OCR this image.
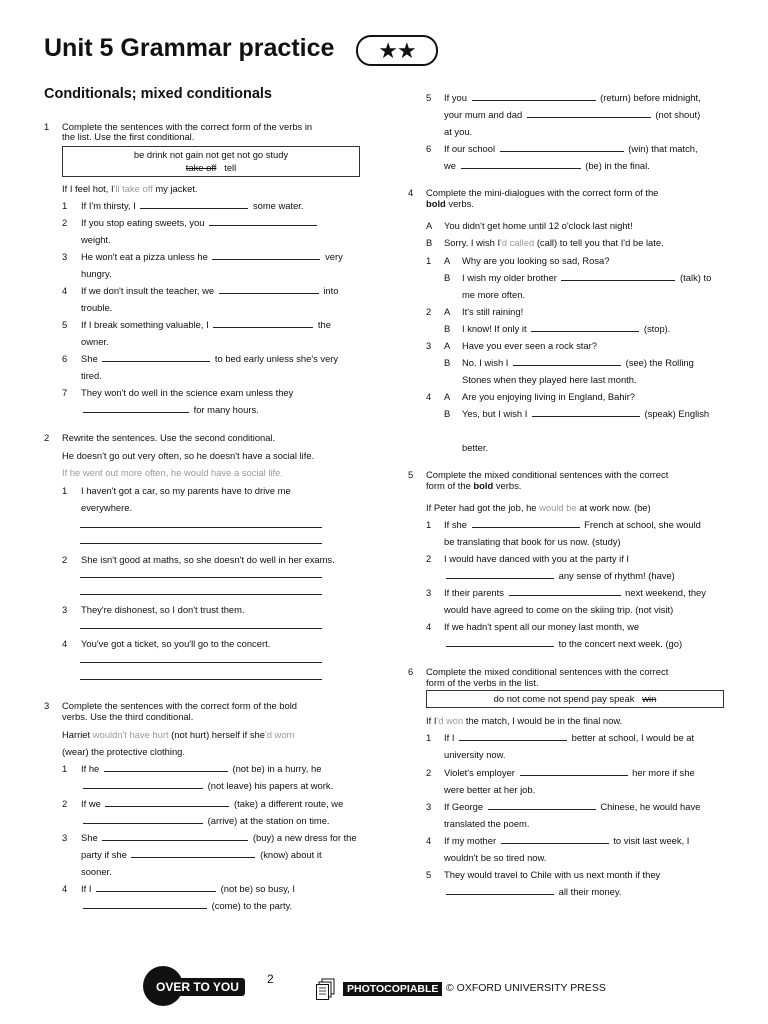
Unit 5 Grammar practice	★★
Conditionals; mixed conditionals
1 Complete the sentences with the correct form of the verbs in
the list. Use the first conditional.
be drink not gain not get not go study
take off tell
If I feel hot, I'll take off my jacket.
1 If I'm thirsty, I	some water.
2 If you stop eating sweets, you
weight.
3 He won't eat a pizza unless he	very
hungry.
4 If we don't insult the teacher, we	into
trouble.
5 If I break something valuable, I	the
owner.
6 She	to bed early unless she's very
tired.
7 They won't do well in the science exam unless they
for many hours.
2 Rewrite the sentences. Use the second conditional.
He doesn't go out very often, so he doesn't have a social life.
If he went out more often, he would have a social life.
1 I haven't got a car, so my parents have to drive me
everywhere.
2 She isn't good at maths, so she doesn't do well in her exams.
3 They're dishonest, so I don't trust them.
4 You've got a ticket, so you'll go to the concert.
3 Complete the sentences with the correct form of the bold
verbs. Use the third conditional.
Harriet wouldn't have hurt (not hurt) herself if she'd worn
(wear) the protective clothing.
1 If he	(not be) in a hurry, he
(not leave) his papers at work.
2 If we	(take) a different route, we
(arrive) at the station on time.
3 She	(buy) a new dress for the
party if she	(know) about it
sooner.
4 If I	(not be) so busy, I
(come) to the party.
5 If you	(return) before midnight,
your mum and dad	(not shout)
at you.
6 If our school	(win) that match,
we	(be) in the final.
4 Complete the mini-dialogues with the correct form of the
bold verbs.
A You didn't get home until 12 o'clock last night!
B Sorry. I wish I'd called (call) to tell you that I'd be late.
1 A Why are you looking so sad, Rosa?
B I wish my older brother	(talk) to
me more often.
2 A It's still raining!
B I know! If only it	(stop).
3 A Have you ever seen a rock star?
B No. I wish I	(see) the Rolling
Stones when they played here last month.
4 A Are you enjoying living in England, Bahir?
B Yes, but I wish I	(speak) English
better.
5 Complete the mixed conditional sentences with the correct
form of the bold verbs.
If Peter had got the job, he would be at work now. (be)
1 If she	French at school, she would
be translating that book for us now. (study)
2 I would have danced with you at the party if I
any sense of rhythm! (have)
3 If their parents	next weekend, they
would have agreed to come on the skiing trip. (not visit)
4 If we hadn't spent all our money last month, we
to the concert next week. (go)
6 Complete the mixed conditional sentences with the correct
form of the verbs in the list.
do not come not spend pay speak win
If I'd won the match, I would be in the final now.
1 If I	better at school, I would be at
university now.
2 Violet's employer	her more if she
were better at her job.
3 If George	Chinese, he would have
translated the poem.
4 If my mother	to visit last week, I
wouldn't be so tired now.
5 They would travel to Chile with us next month if they
all their money.
OVER TO YOU
2
PHOTOCOPIABLE © OXFORD UNIVERSITY PRESS
